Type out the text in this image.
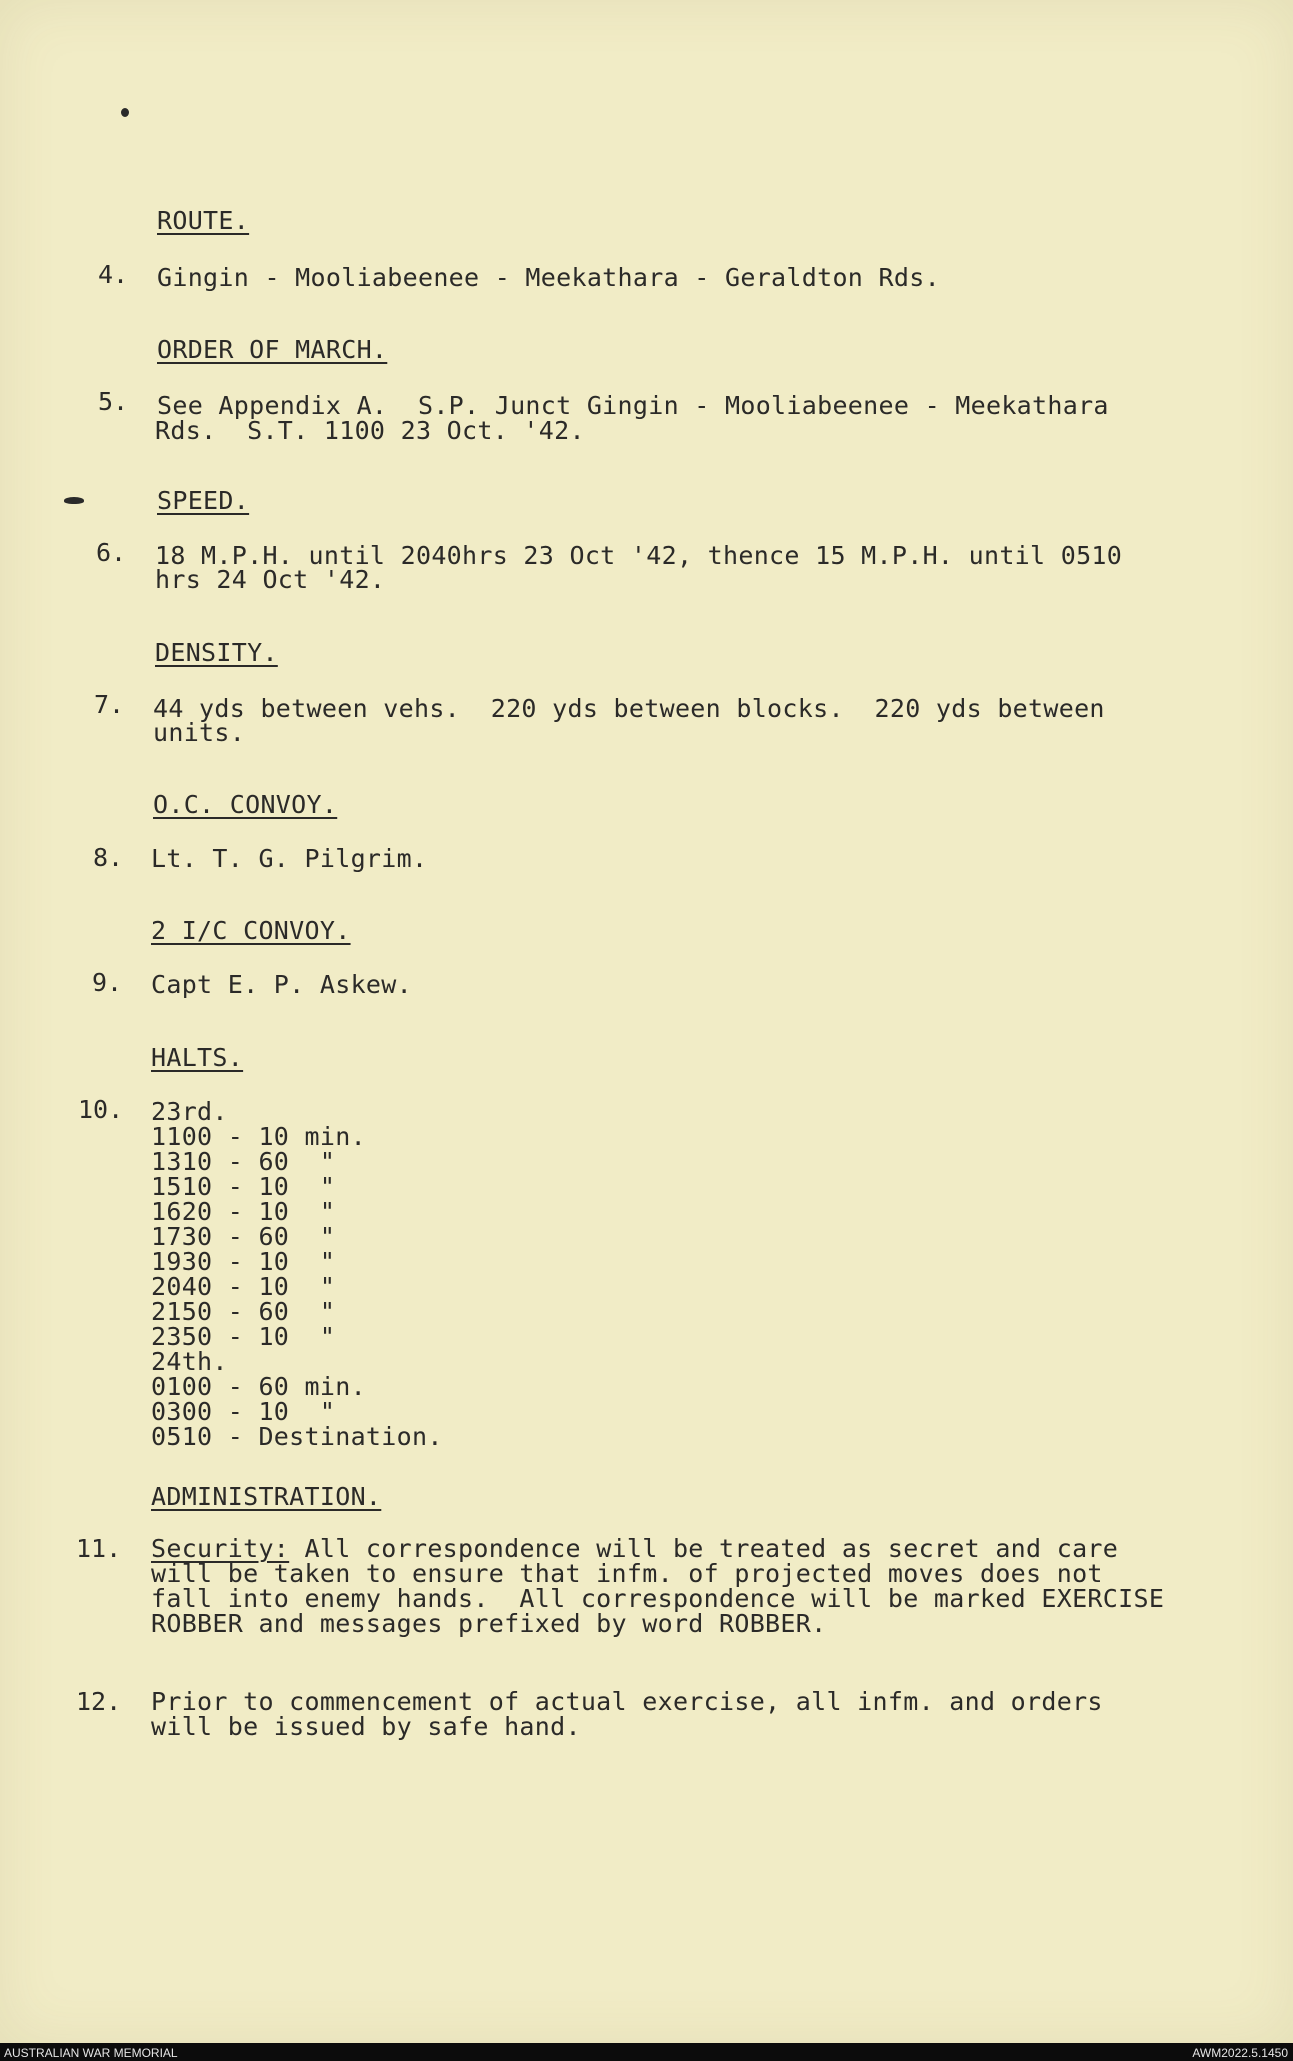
ROUTE.
4. Gingin - Mooliabeenee - Meekathara - Geraldton Rds.
ORDER OF MARCH.
5. See Appendix A.  S.P. Junct Gingin - Mooliabeenee - Meekathara
Rds.  S.T. 1100 23 Oct. '42.
SPEED.
6. 18 M.P.H. until 2040hrs 23 Oct '42, thence 15 M.P.H. until 0510
hrs 24 Oct '42.
DENSITY.
7. 44 yds between vehs.  220 yds between blocks.  220 yds between
units.
O.C. CONVOY.
8. Lt. T. G. Pilgrim.
2 I/C CONVOY.
9. Capt E. P. Askew.
HALTS.
10. 23rd.
1100 - 10 min.
1310 - 60  "
1510 - 10  "
1620 - 10  "
1730 - 60  "
1930 - 10  "
2040 - 10  "
2150 - 60  "
2350 - 10  "
24th.
0100 - 60 min.
0300 - 10  "
0510 - Destination.
ADMINISTRATION.
11. Security: All correspondence will be treated as secret and care
will be taken to ensure that infm. of projected moves does not
fall into enemy hands.  All correspondence will be marked EXERCISE
ROBBER and messages prefixed by word ROBBER.
12. Prior to commencement of actual exercise, all infm. and orders
will be issued by safe hand.
AUSTRALIAN WAR MEMORIAL	AWM2022.5.1450
